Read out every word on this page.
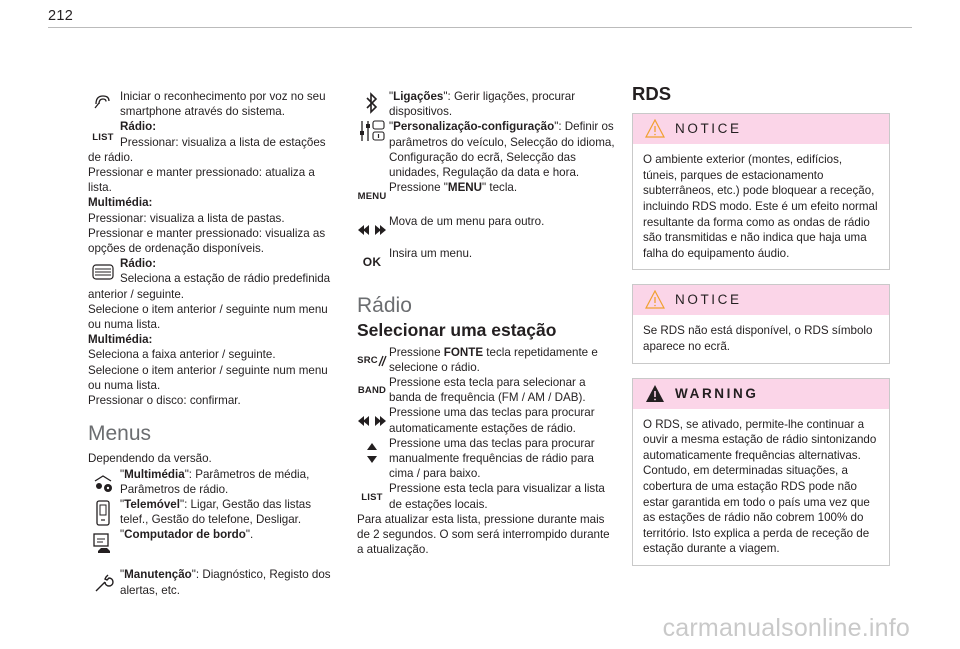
212

Iniciar o reconhecimento por voz no seu smartphone através do sistema.

LIST

Rádio:

Pressionar: visualiza a lista de estações de rádio.

Pressionar e manter pressionado: atualiza a lista.

Multimédia:

Pressionar: visualiza a lista de pastas.

Pressionar e manter pressionado: visualiza as opções de ordenação disponíveis.

Rádio:

Seleciona a estação de rádio predefinida anterior / seguinte.

Selecione o item anterior / seguinte num menu ou numa lista.

Multimédia:

Seleciona a faixa anterior / seguinte.

Selecione o item anterior / seguinte num menu ou numa lista.

Pressionar o disco: confirmar.

Menus

Dependendo da versão.

"Multimédia": Parâmetros de média, Parâmetros de rádio.

"Telemóvel": Ligar, Gestão das listas telef., Gestão do telefone, Desligar.

"Computador de bordo".

"Manutenção": Diagnóstico, Registo dos alertas, etc.

"Ligações": Gerir ligações, procurar dispositivos.

"Personalização-configuração": Definir os parâmetros do veículo, Selecção do idioma, Configuração do ecrã, Selecção das unidades, Regulação da data e hora.

MENU

Pressione "MENU" tecla.

Mova de um menu para outro.

OK

Insira um menu.

Rádio
Selecionar uma estação
SRC

Pressione FONTE tecla repetidamente e selecione o rádio.

BAND

Pressione esta tecla para selecionar a banda de frequência (FM / AM / DAB).

Pressione uma das teclas para procurar automaticamente estações de rádio.

Pressione uma das teclas para procurar manualmente frequências de rádio para cima / para baixo.

LIST

Pressione esta tecla para visualizar a lista de estações locais.

Para atualizar esta lista, pressione durante mais de 2 segundos. O som será interrompido durante a atualização.

RDS
NOTICE
O ambiente exterior (montes, edifícios, túneis, parques de estacionamento subterrâneos, etc.) pode bloquear a receção, incluindo RDS modo. Este é um efeito normal resultante da forma como as ondas de rádio são transmitidas e não indica que haja uma falha do equipamento áudio.
NOTICE
Se RDS não está disponível, o RDS símbolo aparece no ecrã.
WARNING
O RDS, se ativado, permite-lhe continuar a ouvir a mesma estação de rádio sintonizando automaticamente frequências alternativas. Contudo, em determinadas situações, a cobertura de uma estação RDS pode não estar garantida em todo o país uma vez que as estações de rádio não cobrem 100% do território. Isto explica a perda de receção de estação durante a viagem.
carmanualsonline.info
